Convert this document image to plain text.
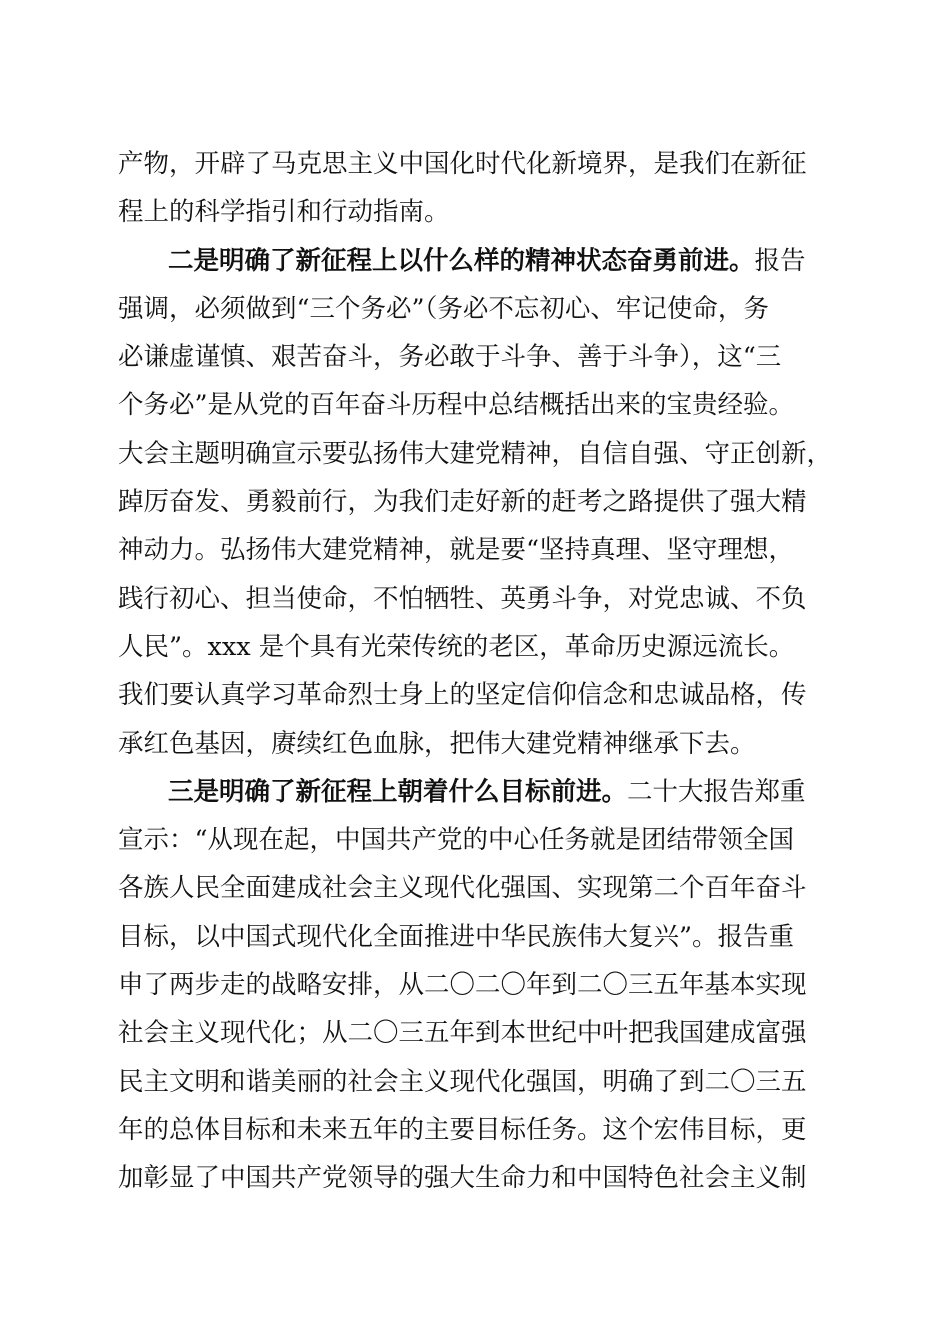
产物，开辟了马克思主义中国化时代化新境界，是我们在新征
程上的科学指引和行动指南。
二是明确了新征程上以什么样的精神状态奋勇前进。报告
强调，必须做到“三个务必”（务必不忘初心、牢记使命，务
必谦虚谨慎、艰苦奋斗，务必敢于斗争、善于斗争），这“三
个务必”是从党的百年奋斗历程中总结概括出来的宝贵经验。
大会主题明确宣示要弘扬伟大建党精神，自信自强、守正创新，
踔厉奋发、勇毅前行，为我们走好新的赶考之路提供了强大精
神动力。弘扬伟大建党精神，就是要“坚持真理、坚守理想，
践行初心、担当使命，不怕牺牲、英勇斗争，对党忠诚、不负
人民”。xxx 是个具有光荣传统的老区，革命历史源远流长。
我们要认真学习革命烈士身上的坚定信仰信念和忠诚品格，传
承红色基因，赓续红色血脉，把伟大建党精神继承下去。
三是明确了新征程上朝着什么目标前进。二十大报告郑重
宣示：“从现在起，中国共产党的中心任务就是团结带领全国
各族人民全面建成社会主义现代化强国、实现第二个百年奋斗
目标，以中国式现代化全面推进中华民族伟大复兴”。报告重
申了两步走的战略安排，从二〇二〇年到二〇三五年基本实现
社会主义现代化；从二〇三五年到本世纪中叶把我国建成富强
民主文明和谐美丽的社会主义现代化强国，明确了到二〇三五
年的总体目标和未来五年的主要目标任务。这个宏伟目标，更
加彰显了中国共产党领导的强大生命力和中国特色社会主义制
